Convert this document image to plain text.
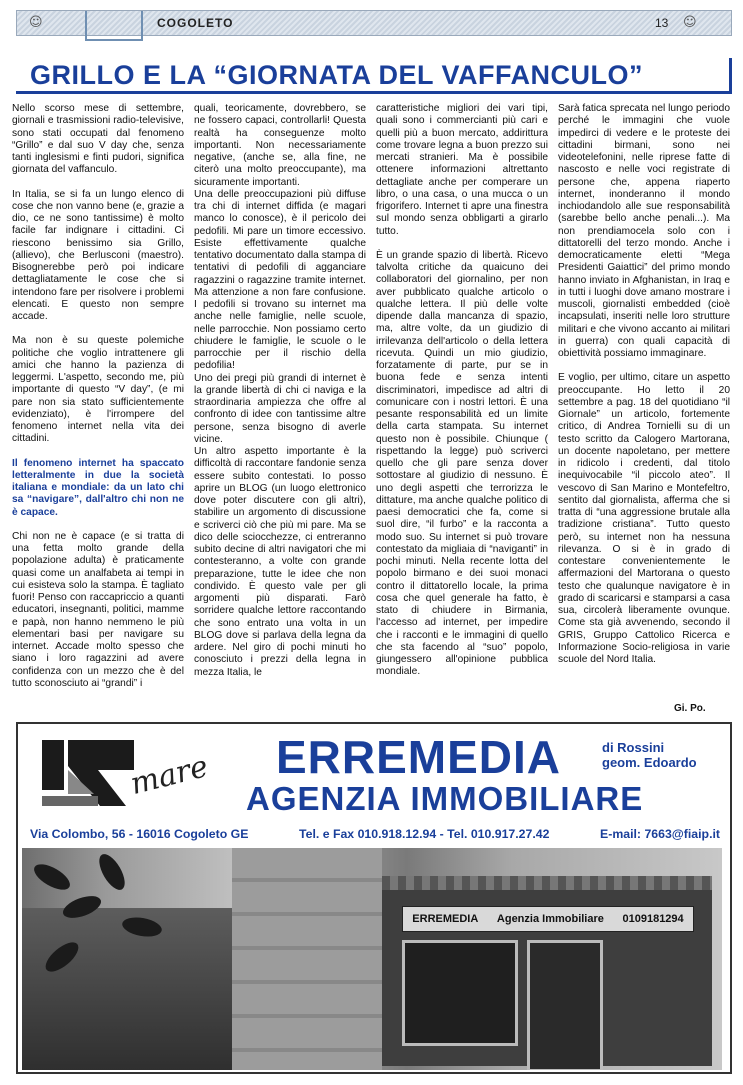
☺	COGOLETO	13 ☺
GRILLO E LA “GIORNATA DEL VAFFANCULO”

Nello scorso mese di settembre, giornali e trasmissioni radio-televisive, sono stati occupati dal fenomeno “Grillo” e dal suo V day che, senza tanti inglesismi e finti pudori, significa giornata del vaffanculo.

In Italia, se si fa un lungo elenco di cose che non vanno bene (e, grazie a dio, ce ne sono tantissime) è molto facile far indignare i cittadini. Ci riescono benissimo sia Grillo, (allievo), che Berlusconi (maestro). Bisognerebbe però poi indicare dettagliatamente le cose che si intendono fare per risolvere i problemi elencati. E questo non sempre accade.

Ma non è su queste polemiche politiche che voglio intrattenere gli amici che hanno la pazienza di leggermi. L'aspetto, secondo me, più importante di questo “V day”, (e mi pare non sia stato sufficientemente evidenziato), è l'irrompere del fenomeno internet nella vita dei cittadini.

Il fenomeno internet ha spaccato letteralmente in due la società italiana e mondiale: da un lato chi sa “navigare”, dall'altro chi non ne è capace.

Chi non ne è capace (e si tratta di una fetta molto grande della popolazione adulta) è praticamente quasi come un analfabeta ai tempi in cui esisteva solo la stampa. È tagliato fuori! Penso con raccapriccio a quanti educatori, insegnanti, politici, mamme e papà, non hanno nemmeno le più elementari basi per navigare su internet. Accade molto spesso che siano i loro ragazzini ad avere confidenza con un mezzo che è del tutto sconosciuto ai “grandi” i

quali, teoricamente, dovrebbero, se ne fossero capaci, controllarli! Questa realtà ha conseguenze molto importanti. Non necessariamente negative, (anche se, alla fine, ne citerò una molto preoccupante), ma sicuramente importanti.

Una delle preoccupazioni più diffuse tra chi di internet diffida (e magari manco lo conosce), è il pericolo dei pedofili. Mi pare un timore eccessivo. Esiste effettivamente qualche tentativo documentato dalla stampa di tentativi di pedofili di agganciare ragazzini o ragazzine tramite internet. Ma attenzione a non fare confusione. I pedofili si trovano su internet ma anche nelle famiglie, nelle scuole, nelle parrocchie. Non possiamo certo chiudere le famiglie, le scuole o le parrocchie per il rischio della pedofilia!

Uno dei pregi più grandi di internet è la grande libertà di chi ci naviga e la straordinaria ampiezza che offre al confronto di idee con tantissime altre persone, senza bisogno di averle vicine.

Un altro aspetto importante è la difficoltà di raccontare fandonie senza essere subito contestati. Io posso aprire un BLOG (un luogo elettronico dove poter discutere con gli altri), stabilire un argomento di discussione e scriverci ciò che più mi pare. Ma se dico delle sciocchezze, ci entreranno subito decine di altri navigatori che mi contesteranno, a volte con grande preparazione, tutte le idee che non condivido. È questo vale per gli argomenti più disparati. Farò sorridere qualche lettore raccontando che sono entrato una volta in un BLOG dove si parlava della legna da ardere. Nel giro di pochi minuti ho conosciuto i prezzi della legna in mezza Italia, le

caratteristiche migliori dei vari tipi, quali sono i commercianti più cari e quelli più a buon mercato, addirittura come trovare legna a buon prezzo sui mercati stranieri. Ma è possibile ottenere informazioni altrettanto dettagliate anche per comperare un libro, o una casa, o una mucca o un frigorifero. Internet ti apre una finestra sul mondo senza obbligarti a girarlo tutto.

È un grande spazio di libertà. Ricevo talvolta critiche da quaicuno dei collaboratori del giornalino, per non aver pubblicato qualche articolo o qualche lettera. Il più delle volte dipende dalla mancanza di spazio, ma, altre volte, da un giudizio di irrilevanza dell'articolo o della lettera ricevuta. Quindi un mio giudizio, forzatamente di parte, pur se in buona fede e senza intenti discriminatori, impedisce ad altri di comunicare con i nostri lettori. È una pesante responsabilità ed un limite della carta stampata. Su internet questo non è possibile. Chiunque ( rispettando la legge) può scriverci quello che gli pare senza dover sottostare al giudizio di nessuno. È uno degli aspetti che terrorizza le dittature, ma anche qualche politico di paesi democratici che fa, come si suol dire, “il furbo” e la racconta a modo suo. Su internet si può trovare contestato da migliaia di “naviganti” in pochi minuti. Nella recente lotta del popolo birmano e dei suoi monaci contro il dittatorello locale, la prima cosa che quel generale ha fatto, è stato di chiudere in Birmania, l'accesso ad internet, per impedire che i racconti e le immagini di quello che sta facendo al “suo” popolo, giungessero all'opinione pubblica mondiale.

Sarà fatica sprecata nel lungo periodo perché le immagini che vuole impedirci di vedere e le proteste dei cittadini birmani, sono nei videotelefonini, nelle riprese fatte di nascosto e nelle voci registrate di persone che, appena riaperto internet, inonderanno il mondo inchiodandolo alle sue responsabilità (sarebbe bello anche penali...). Ma non prendiamocela solo con i dittatorelli del terzo mondo. Anche i democraticamente eletti “Mega Presidenti Gaiattici” del primo mondo hanno inviato in Afghanistan, in Iraq e in tutti i luoghi dove amano mostrare i muscoli, giornalisti embedded (cioè incapsulati, inseriti nelle loro strutture militari e che vivono accanto ai militari in guerra) con quali capacità di obiettività possiamo immaginare.

E voglio, per ultimo, citare un aspetto preoccupante. Ho letto il 20 settembre a pag. 18 del quotidiano “il Giornale” un articolo, fortemente critico, di Andrea Tornielli su di un testo scritto da Calogero Martorana, un docente napoletano, per mettere in ridicolo i credenti, dal titolo inequivocabile “il piccolo ateo”. Il vescovo di San Marino e Montefeltro, sentito dal giornalista, afferma che si tratta di “una aggressione brutale alla tradizione cristiana”. Tutto questo però, su internet non ha nessuna rilevanza. O si è in grado di contestare convenientemente le affermazioni del Martorana o questo testo che qualunque navigatore è in grado di scaricarsi e stamparsi a casa sua, circolerà liberamente ovunque. Come sta già avvenendo, secondo il GRIS, Gruppo Cattolico Ricerca e Informazione Socio-religiosa in varie scuole del Nord Italia.

Gi. Po.
mare ERREMEDIA	di Rossini
geom. Edoardo
AGENZIA IMMOBILIARE
Via Colombo, 56 - 16016 Cogoleto GE	Tel. e Fax 010.918.12.94 - Tel. 010.917.27.42	E-mail: 7663@fiaip.it
ERREMEDIA Agenzia Immobiliare 0109181294
